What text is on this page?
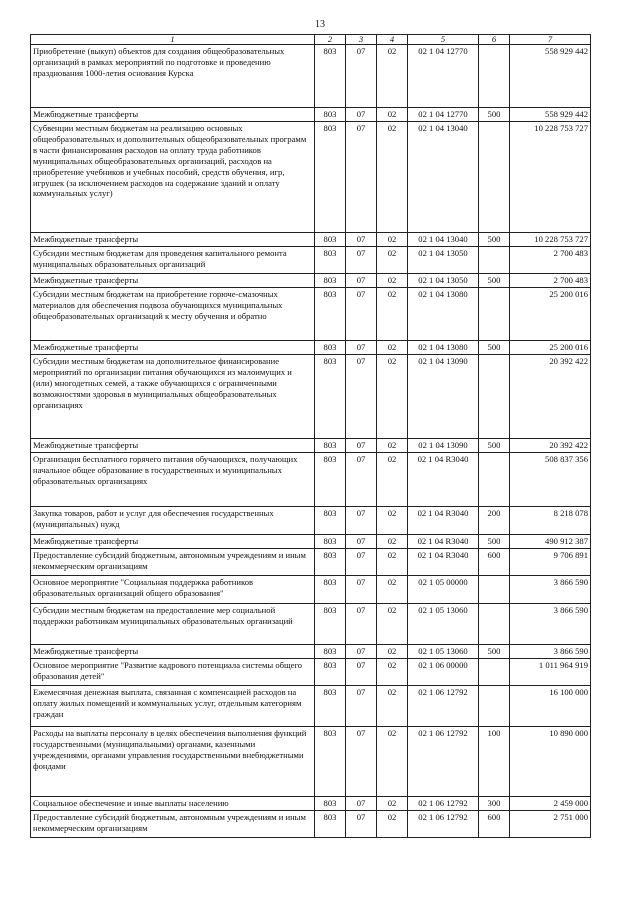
13
1	2	3	4	5	6	7
Приобретение (выкуп) объектов для создания общеобразовательных организаций в рамках мероприятий по подготовке и проведению празднования 1000-летия основания Курска	803	07	02	02 1 04 12770		558 929 442
Межбюджетные трансферты	803	07	02	02 1 04 12770	500	558 929 442
Субвенции местным бюджетам на реализацию основных общеобразовательных и дополнительных общеобразовательных программ в части финансирования расходов на оплату труда работников муниципальных общеобразовательных организаций, расходов на приобретение учебников и учебных пособий, средств обучения, игр, игрушек (за исключением расходов на содержание зданий и оплату коммунальных услуг)	803	07	02	02 1 04 13040		10 228 753 727
Межбюджетные трансферты	803	07	02	02 1 04 13040	500	10 228 753 727
Субсидии местным бюджетам для проведения капитального ремонта муниципальных образовательных организаций	803	07	02	02 1 04 13050		2 700 483
Межбюджетные трансферты	803	07	02	02 1 04 13050	500	2 700 483
Субсидии местным бюджетам на приобретение горюче-смазочных материалов для обеспечения подвоза обучающихся муниципальных общеобразовательных организаций к месту обучения и обратно	803	07	02	02 1 04 13080		25 200 016
Межбюджетные трансферты	803	07	02	02 1 04 13080	500	25 200 016
Субсидии местным бюджетам на дополнительное финансирование мероприятий по организации питания обучающихся из малоимущих и (или) многодетных семей, а также обучающихся с ограниченными возможностями здоровья в муниципальных общеобразовательных организациях	803	07	02	02 1 04 13090		20 392 422
Межбюджетные трансферты	803	07	02	02 1 04 13090	500	20 392 422
Организация бесплатного горячего питания обучающихся, получающих начальное общее образование в государственных и муниципальных образовательных организациях	803	07	02	02 1 04 R3040		508 837 356
Закупка товаров, работ и услуг для обеспечения государственных (муниципальных) нужд	803	07	02	02 1 04 R3040	200	8 218 078
Межбюджетные трансферты	803	07	02	02 1 04 R3040	500	490 912 387
Предоставление субсидий бюджетным, автономным учреждениям и иным некоммерческим организациям	803	07	02	02 1 04 R3040	600	9 706 891
Основное мероприятие "Социальная поддержка работников образовательных организаций общего образования"	803	07	02	02 1 05 00000		3 866 590
Субсидии местным бюджетам на предоставление мер социальной поддержки работникам муниципальных образовательных организаций	803	07	02	02 1 05 13060		3 866 590
Межбюджетные трансферты	803	07	02	02 1 05 13060	500	3 866 590
Основное мероприятие "Развитие кадрового потенциала системы общего образования детей"	803	07	02	02 1 06 00000		1 011 964 919
Ежемесячная денежная выплата, связанная с компенсацией расходов на оплату жилых помещений и коммунальных услуг, отдельным категориям граждан	803	07	02	02 1 06 12792		16 100 000
Расходы на выплаты персоналу в целях обеспечения выполнения функций государственными (муниципальными) органами, казенными учреждениями, органами управления государственными внебюджетными фондами	803	07	02	02 1 06 12792	100	10 890 000
Социальное обеспечение и иные выплаты населению	803	07	02	02 1 06 12792	300	2 459 000
Предоставление субсидий бюджетным, автономным учреждениям и иным некоммерческим организациям	803	07	02	02 1 06 12792	600	2 751 000
